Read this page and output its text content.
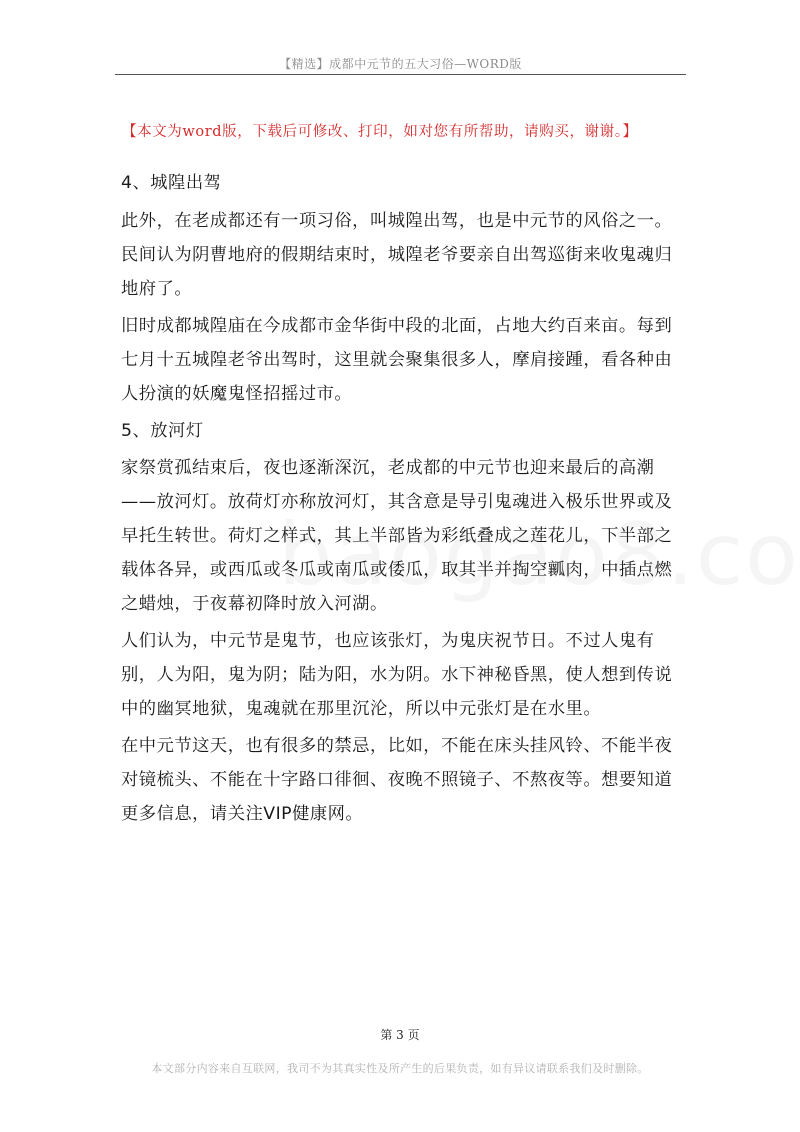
【精选】成都中元节的五大习俗—WORD版
【本文为word版，下载后可修改、打印，如对您有所帮助，请购买，谢谢。】

4、城隍出驾

此外，在老成都还有一项习俗，叫城隍出驾，也是中元节的风俗之一。民间认为阴曹地府的假期结束时，城隍老爷要亲自出驾巡街来收鬼魂归地府了。

旧时成都城隍庙在今成都市金华街中段的北面，占地大约百来亩。每到七月十五城隍老爷出驾时，这里就会聚集很多人，摩肩接踵，看各种由人扮演的妖魔鬼怪招摇过市。

5、放河灯

家祭赏孤结束后，夜也逐渐深沉，老成都的中元节也迎来最后的高潮——放河灯。放荷灯亦称放河灯，其含意是导引鬼魂进入极乐世界或及早托生转世。荷灯之样式，其上半部皆为彩纸叠成之莲花儿，下半部之载体各异，或西瓜或冬瓜或南瓜或倭瓜，取其半并掏空瓤肉，中插点燃之蜡烛，于夜幕初降时放入河湖。

人们认为，中元节是鬼节，也应该张灯，为鬼庆祝节日。不过人鬼有别，人为阳，鬼为阴；陆为阳，水为阴。水下神秘昏黑，使人想到传说中的幽冥地狱，鬼魂就在那里沉沦，所以中元张灯是在水里。

在中元节这天，也有很多的禁忌，比如，不能在床头挂风铃、不能半夜对镜梳头、不能在十字路口徘徊、夜晚不照镜子、不熬夜等。想要知道更多信息，请关注VIP健康网。

第 3 页
本文部分内容来自互联网，我司不为其真实性及所产生的后果负责，如有异议请联系我们及时删除。
